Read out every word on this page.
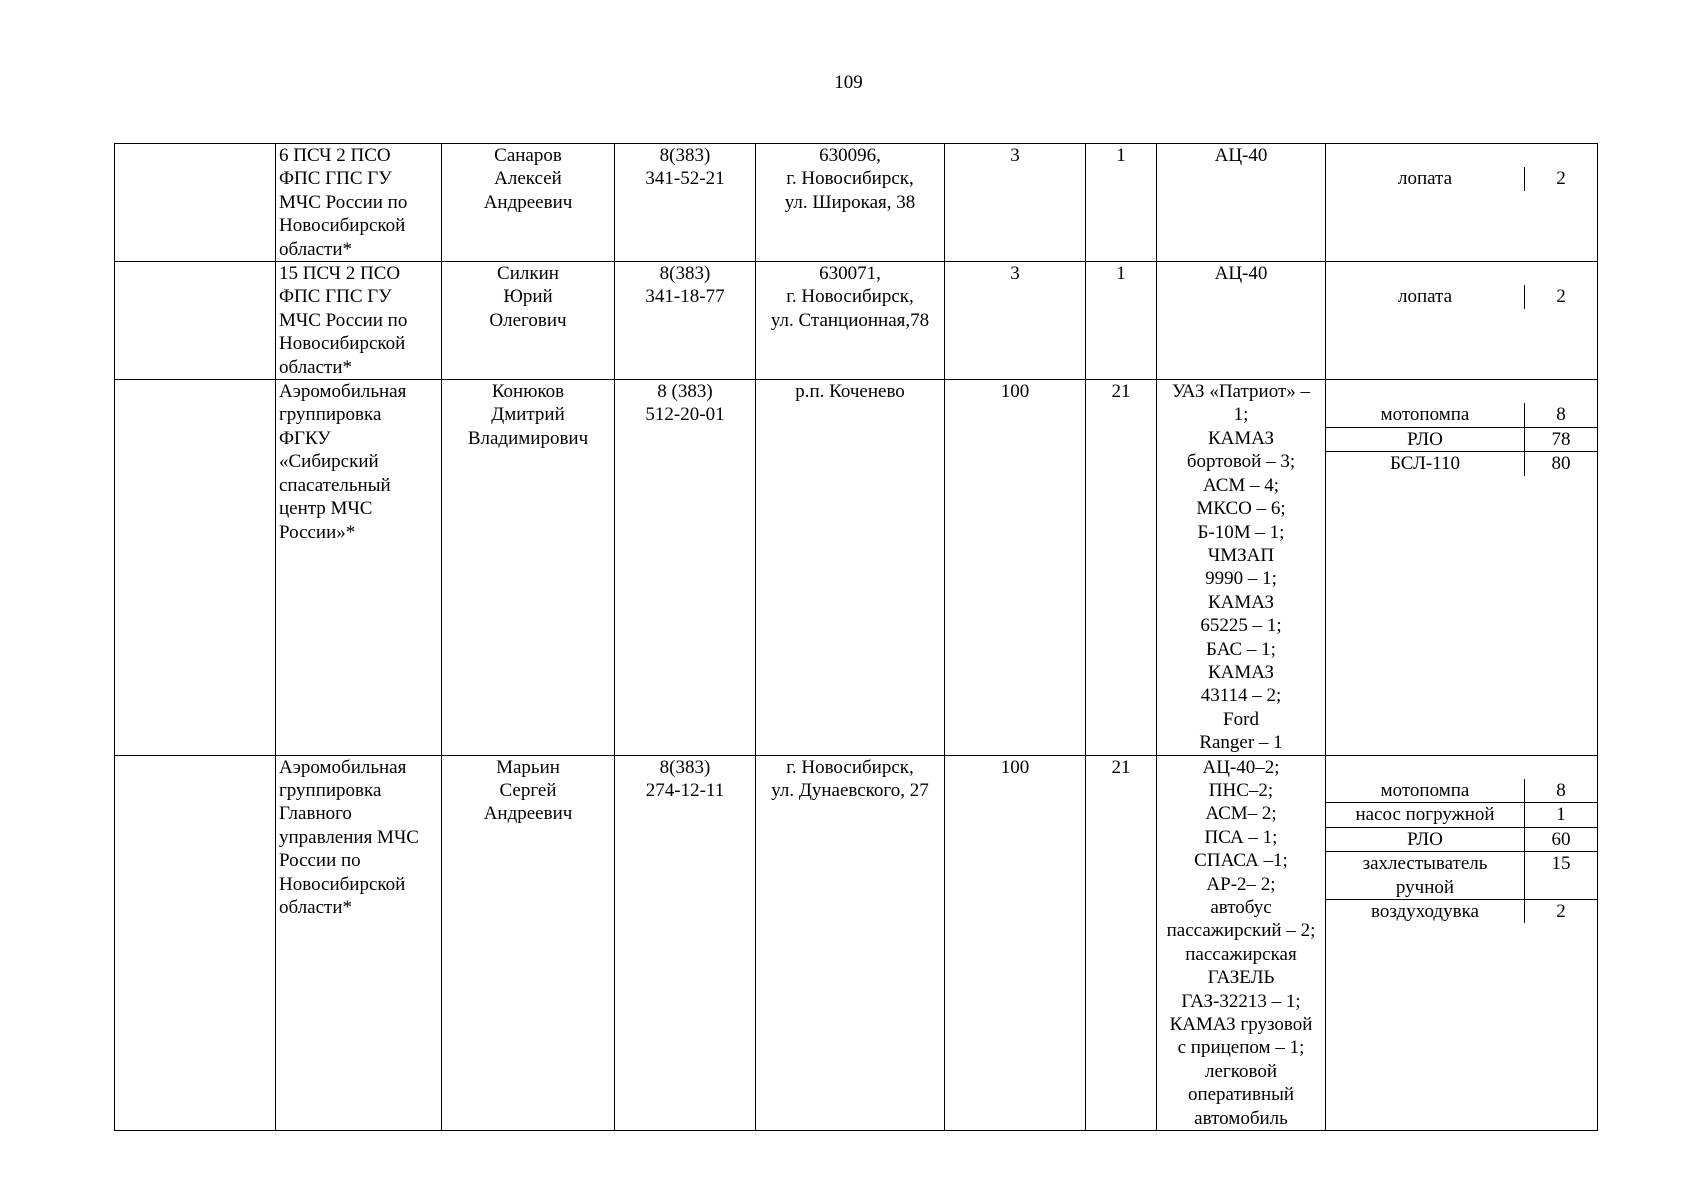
109
	6 ПСЧ 2 ПСО
ФПС ГПС ГУ
МЧС России по
Новосибирской
области*	Санаров
Алексей
Андреевич	8(383)
341-52-21	630096,
г. Новосибирск,
ул. Широкая, 38	3	1	АЦ-40	

лопата	2

	15 ПСЧ 2 ПСО
ФПС ГПС ГУ
МЧС России по
Новосибирской
области*	Силкин
Юрий
Олегович	8(383)
341-18-77	630071,
г. Новосибирск,
ул. Станционная,78	3	1	АЦ-40	

лопата	2

	Аэромобильная
группировка
ФГКУ
«Сибирский
спасательный
центр МЧС
России»*	Конюков
Дмитрий
Владимирович	8 (383)
512-20-01	р.п. Коченево	100	21	УАЗ «Патриот» –
1;
КАМАЗ
бортовой – 3;
АСМ – 4;
МКСО – 6;
Б-10М – 1;
ЧМЗАП
9990 – 1;
КАМАЗ
65225 – 1;
БАС – 1;
КАМАЗ
43114 – 2;
Ford
Ranger – 1	

мотопомпа	8
РЛО	78
БСЛ-110	80

	Аэромобильная
группировка
Главного
управления МЧС
России по
Новосибирской
области*	Марьин
Сергей
Андреевич	8(383)
274-12-11	г. Новосибирск,
ул. Дунаевского, 27	100	21	АЦ-40–2;
ПНС–2;
АСМ– 2;
ПСА – 1;
СПАСА –1;
АР-2– 2;
автобус
пассажирский – 2;
пассажирская
ГАЗЕЛЬ
ГАЗ-32213 – 1;
КАМАЗ грузовой
с прицепом – 1;
легковой
оперативный
автомобиль	

мотопомпа	8
насос погружной	1
РЛО	60
захлестыватель
ручной	15
воздуходувка	2
